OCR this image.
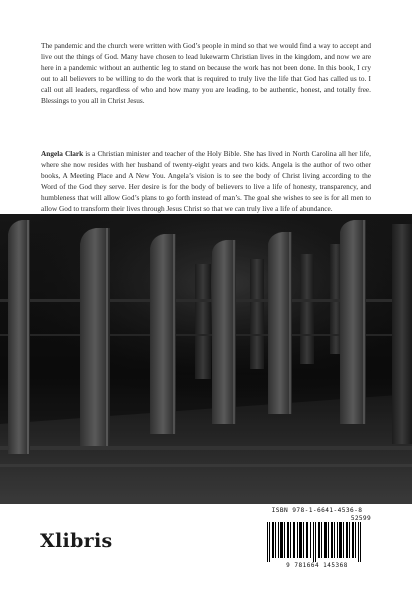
The pandemic and the church were written with God’s people in mind so that we would find a way to accept and live out the things of God. Many have chosen to lead lukewarm Christian lives in the kingdom, and now we are here in a pandemic without an authentic leg to stand on because the work has not been done. In this book, I cry out to all believers to be willing to do the work that is required to truly live the life that God has called us to. I call out all leaders, regardless of who and how many you are leading, to be authentic, honest, and totally free. Blessings to you all in Christ Jesus.

Angela Clark is a Christian minister and teacher of the Holy Bible. She has lived in North Carolina all her life, where she now resides with her husband of twenty-eight years and two kids. Angela is the author of two other books, A Meeting Place and A New You. Angela’s vision is to see the body of Christ living according to the Word of the God they serve. Her desire is for the body of believers to live a life of honesty, transparency, and humbleness that will allow God’s plans to go forth instead of man’s. The goal she wishes to see is for all men to allow God to transform their lives through Jesus Christ so that we can truly live a life of abundance.

Xlibris
ISBN 978-1-6641-4536-8
52599
9 781664 145368
